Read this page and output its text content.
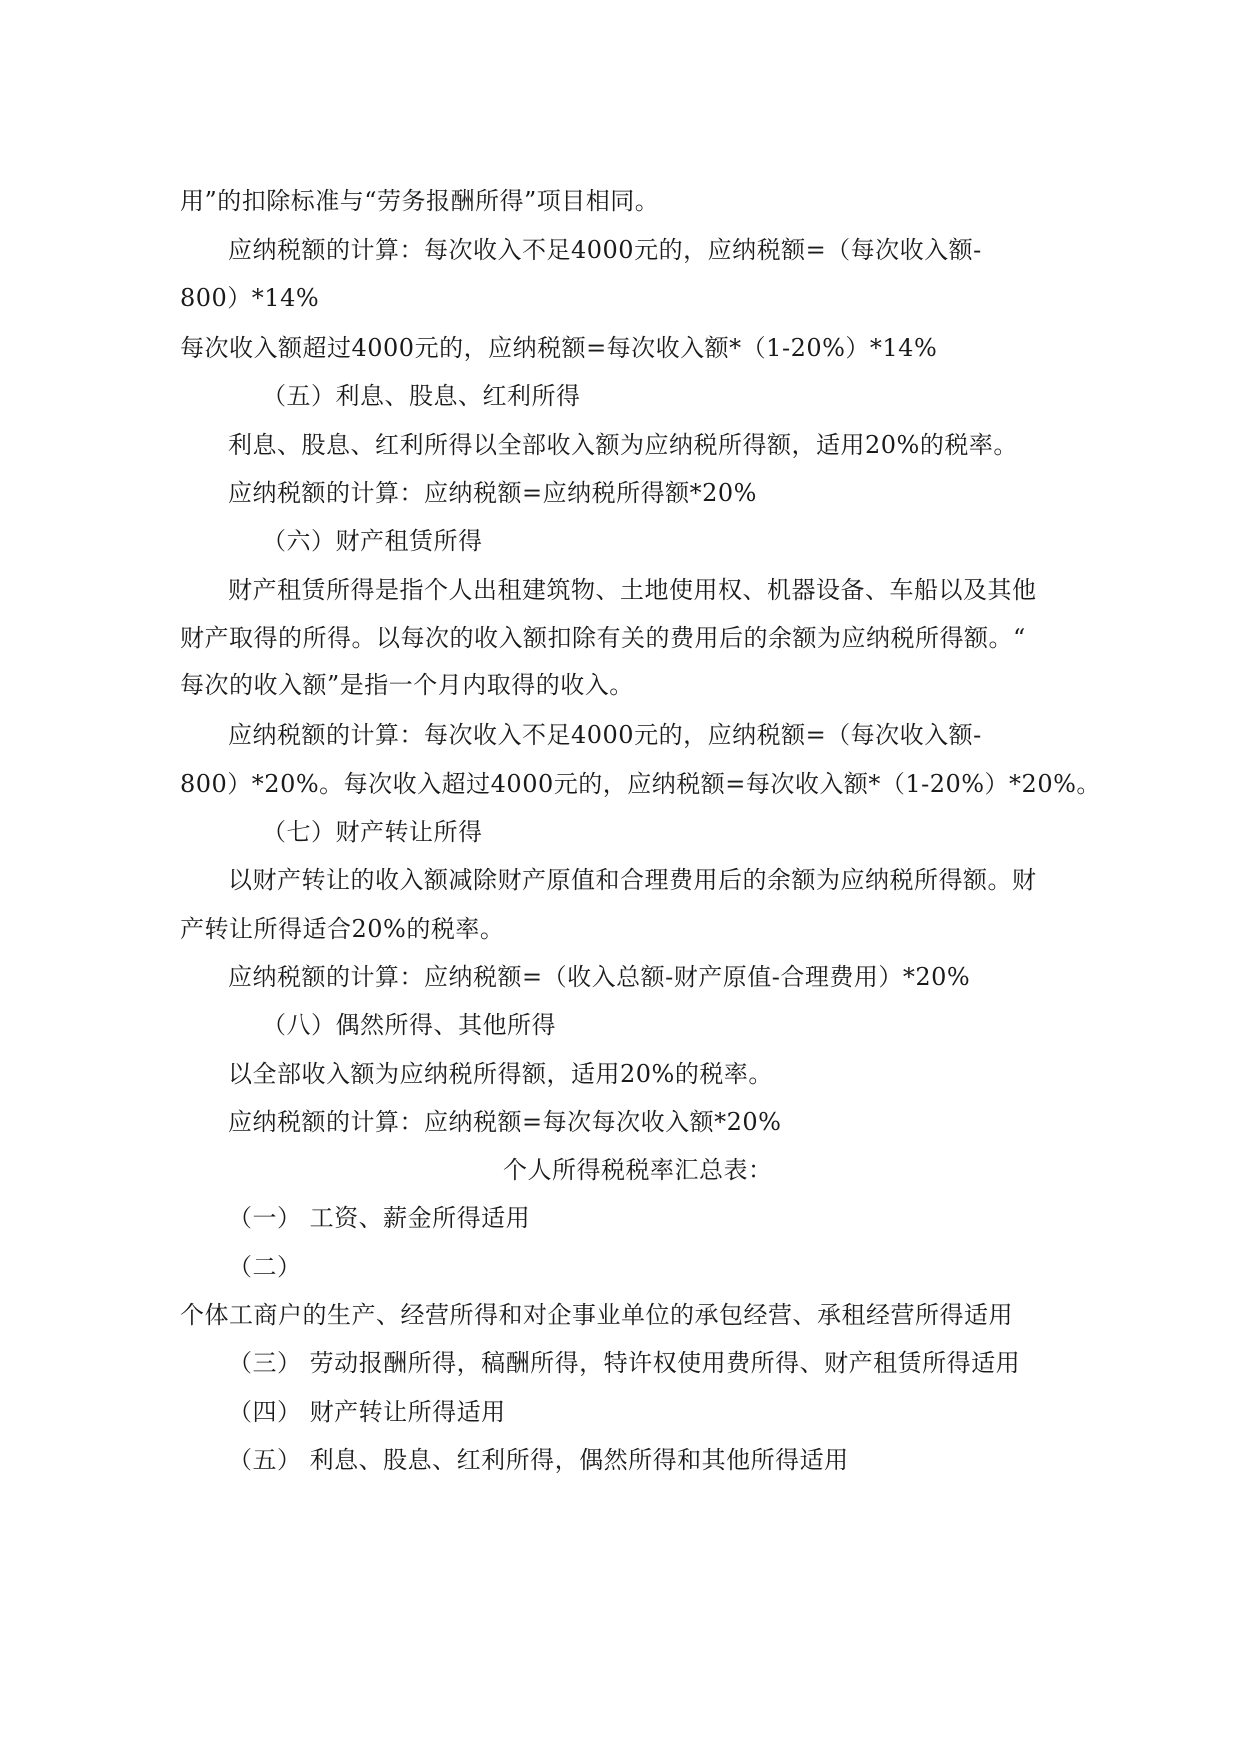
用”的扣除标准与“劳务报酬所得”项目相同。

应纳税额的计算：每次收入不足4000元的，应纳税额=（每次收入额-

800）*14%

每次收入额超过4000元的，应纳税额=每次收入额*（1-20%）*14%

（五）利息、股息、红利所得

利息、股息、红利所得以全部收入额为应纳税所得额，适用20%的税率。

应纳税额的计算：应纳税额=应纳税所得额*20%

（六）财产租赁所得

财产租赁所得是指个人出租建筑物、土地使用权、机器设备、车船以及其他

财产取得的所得。以每次的收入额扣除有关的费用后的余额为应纳税所得额。“

每次的收入额”是指一个月内取得的收入。

应纳税额的计算：每次收入不足4000元的，应纳税额=（每次收入额-

800）*20%。每次收入超过4000元的，应纳税额=每次收入额*（1-20%）*20%。

（七）财产转让所得

以财产转让的收入额减除财产原值和合理费用后的余额为应纳税所得额。财

产转让所得适合20%的税率。

应纳税额的计算：应纳税额=（收入总额-财产原值-合理费用）*20%

（八）偶然所得、其他所得

以全部收入额为应纳税所得额，适用20%的税率。

应纳税额的计算：应纳税额=每次每次收入额*20%

个人所得税税率汇总表：

（一） 工资、薪金所得适用

（二）

个体工商户的生产、经营所得和对企事业单位的承包经营、承租经营所得适用

（三） 劳动报酬所得，稿酬所得，特许权使用费所得、财产租赁所得适用

（四） 财产转让所得适用

（五） 利息、股息、红利所得，偶然所得和其他所得适用
